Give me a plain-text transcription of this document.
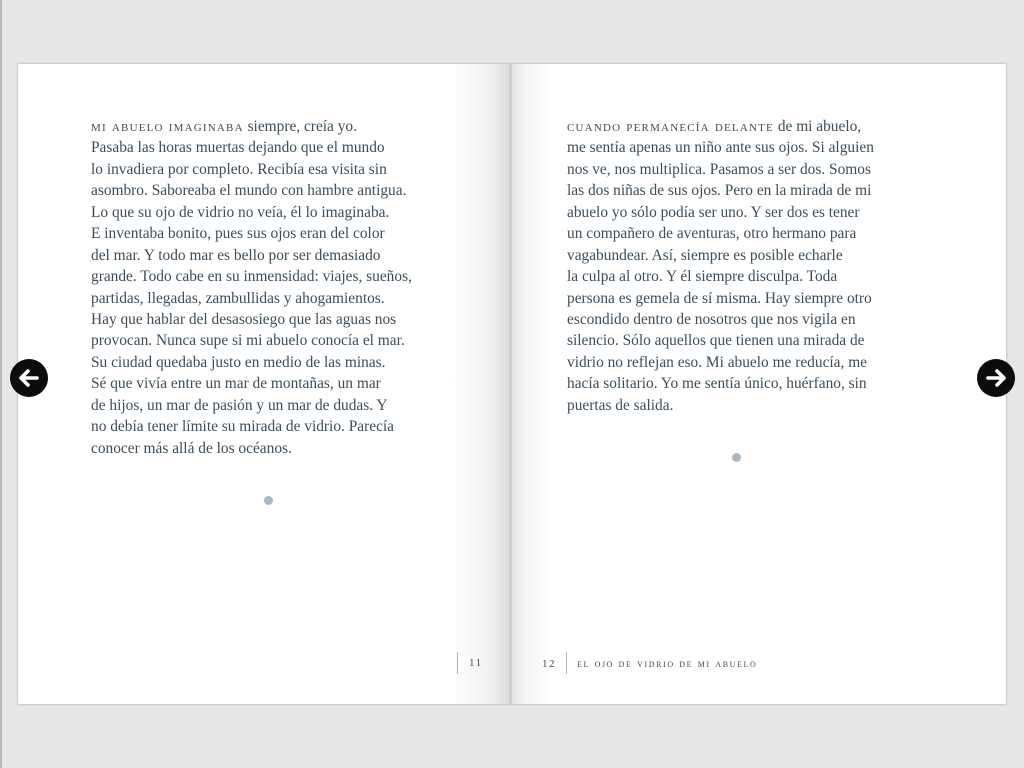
mi abuelo imaginaba siempre, creía yo.
Pasaba las horas muertas dejando que el mundo
lo invadiera por completo. Recibía esa visita sin
asombro. Saboreaba el mundo con hambre antigua.
Lo que su ojo de vidrio no veía, él lo imaginaba.
E inventaba bonito, pues sus ojos eran del color
del mar. Y todo mar es bello por ser demasiado
grande. Todo cabe en su inmensidad: viajes, sueños,
partidas, llegadas, zambullidas y ahogamientos.
Hay que hablar del desasosiego que las aguas nos
provocan. Nunca supe si mi abuelo conocía el mar.
Su ciudad quedaba justo en medio de las minas.
Sé que vivía entre un mar de montañas, un mar
de hijos, un mar de pasión y un mar de dudas. Y
no debía tener límite su mirada de vidrio. Parecía
conocer más allá de los océanos.
11
cuando permanecía delante de mi abuelo,
me sentía apenas un niño ante sus ojos. Si alguien
nos ve, nos multiplica. Pasamos a ser dos. Somos
las dos niñas de sus ojos. Pero en la mirada de mi
abuelo yo sólo podía ser uno. Y ser dos es tener
un compañero de aventuras, otro hermano para
vagabundear. Así, siempre es posible echarle
la culpa al otro. Y él siempre disculpa. Toda
persona es gemela de sí misma. Hay siempre otro
escondido dentro de nosotros que nos vigila en
silencio. Sólo aquellos que tienen una mirada de
vidrio no reflejan eso. Mi abuelo me reducía, me
hacía solitario. Yo me sentía único, huérfano, sin
puertas de salida.
12 el ojo de vidrio de mi abuelo
